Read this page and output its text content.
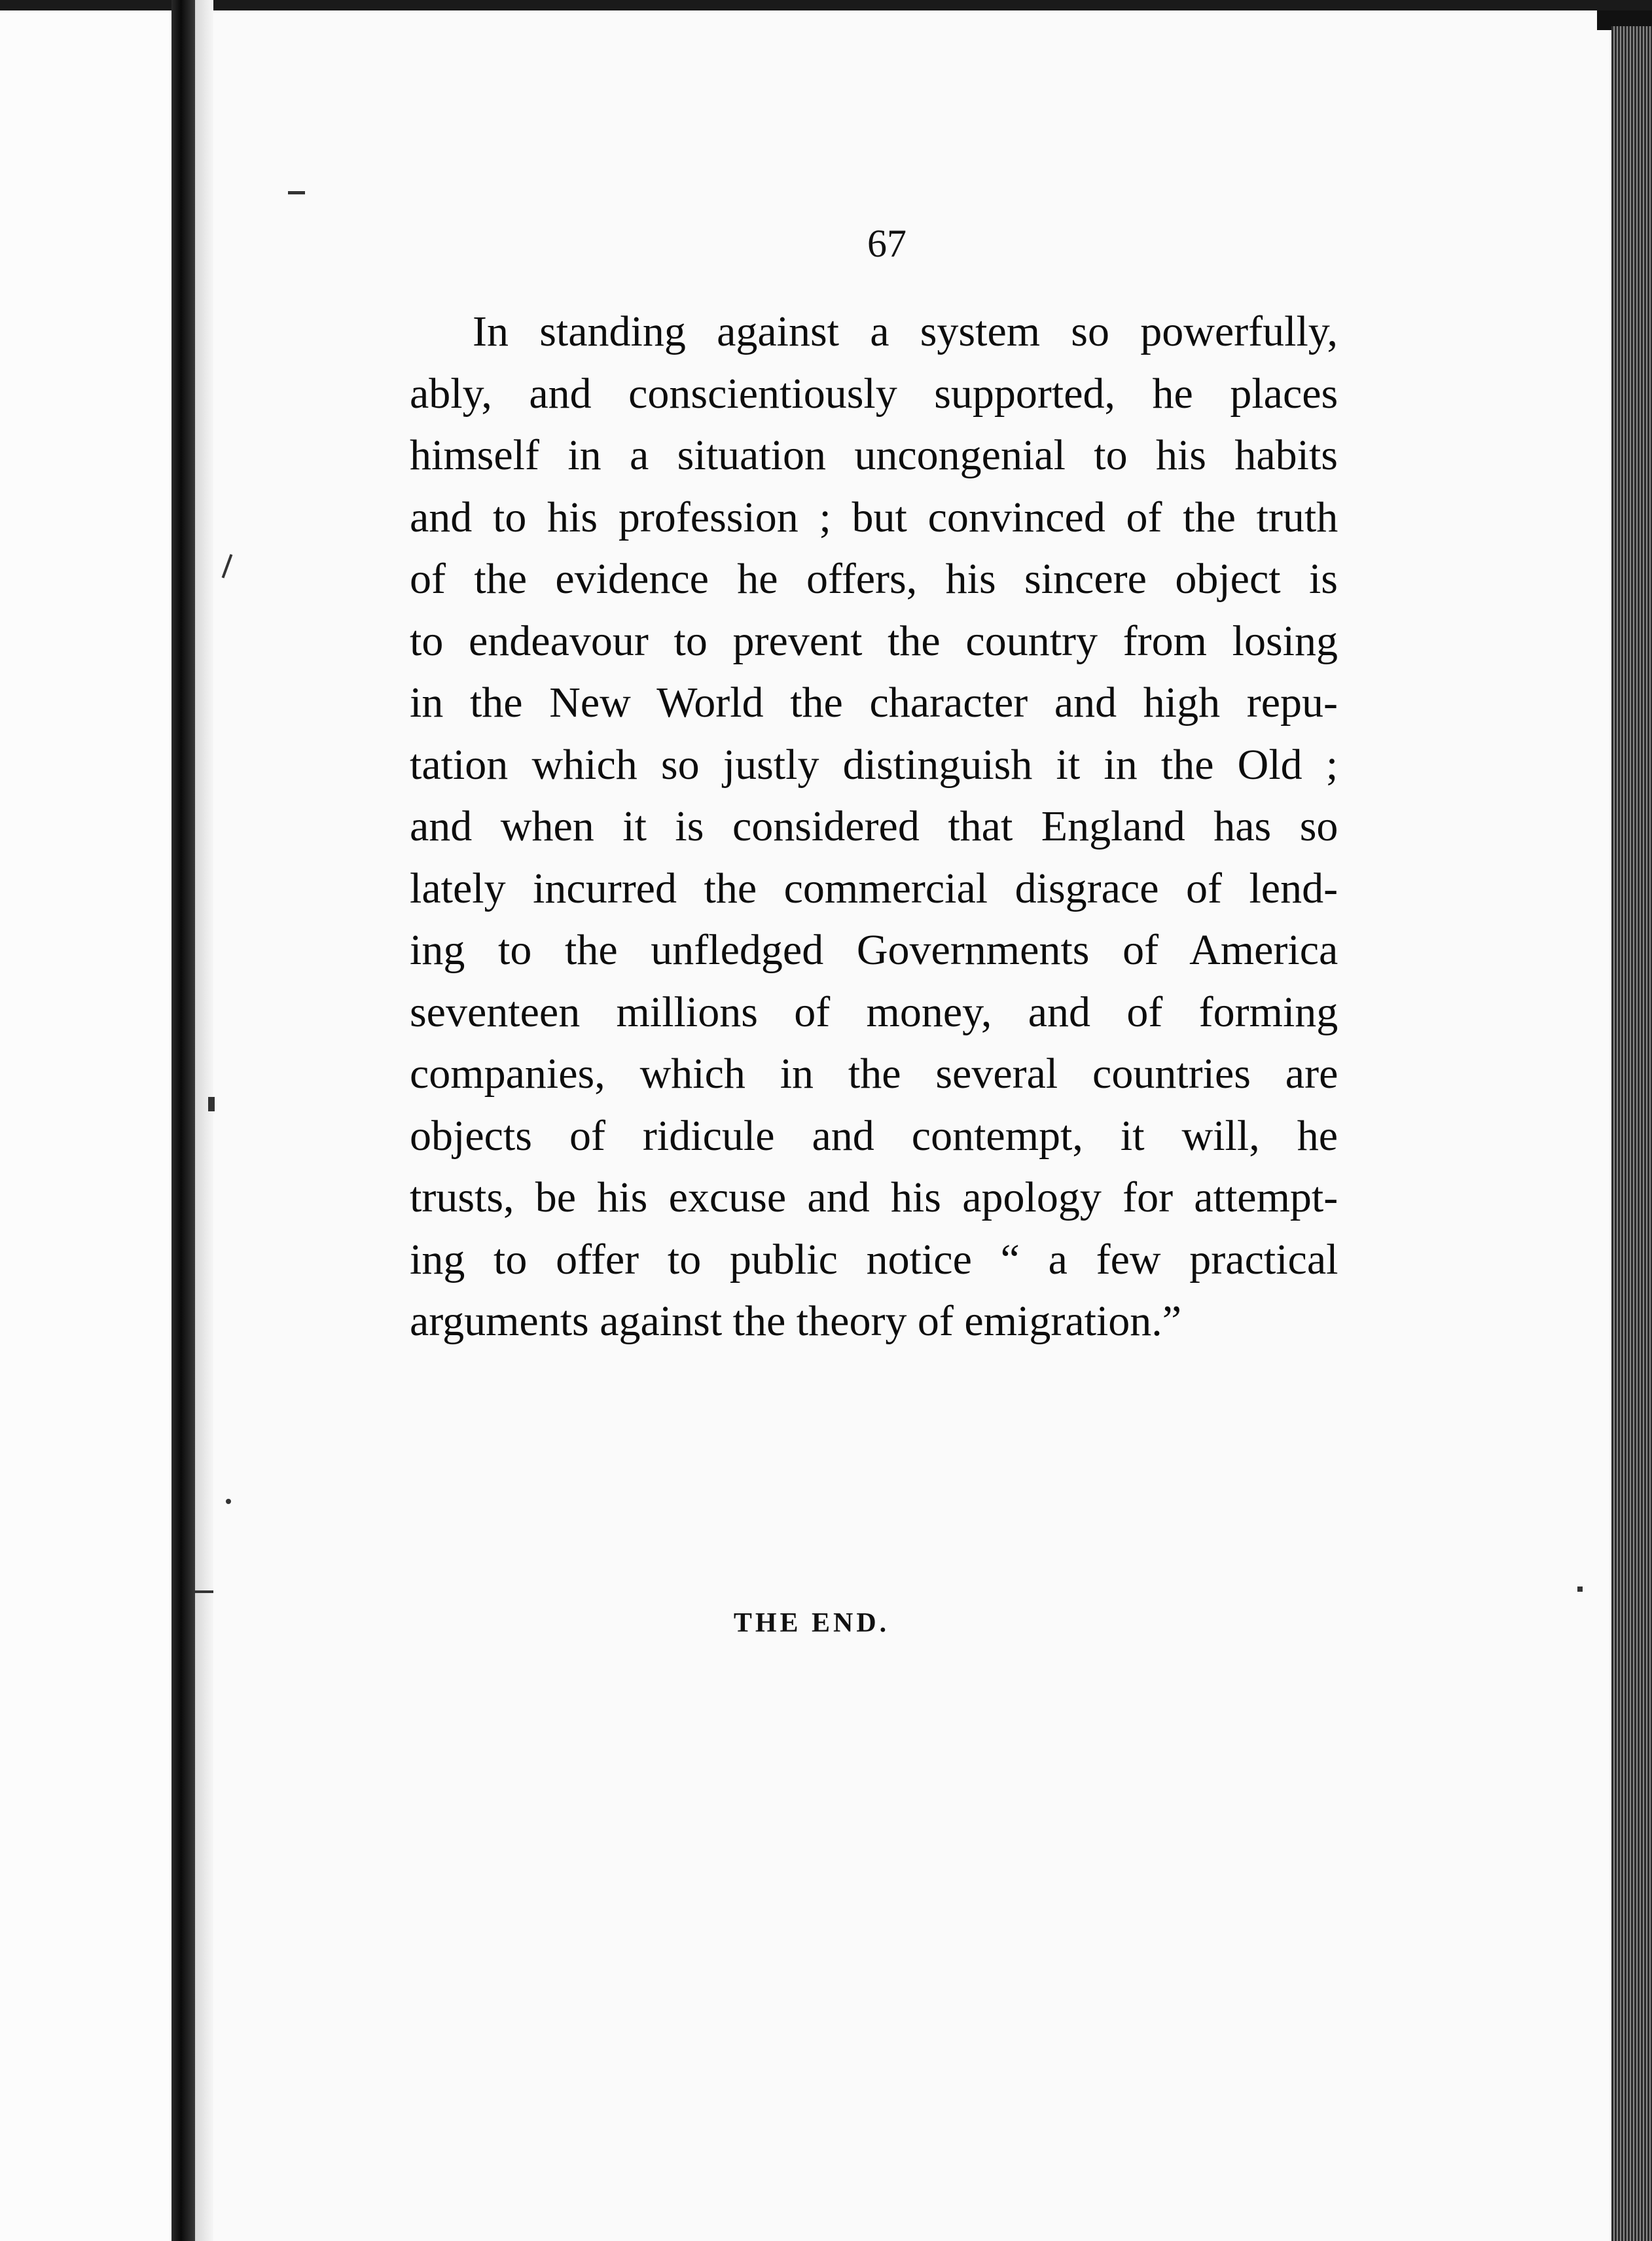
67
In standing against a system so powerfully,
ably, and conscientiously supported, he places
himself in a situation uncongenial to his habits
and to his profession ; but convinced of the truth
of the evidence he offers, his sincere object is
to endeavour to prevent the country from losing
in the New World the character and high repu-
tation which so justly distinguish it in the Old ;
and when it is considered that England has so
lately incurred the commercial disgrace of lend-
ing to the unfledged Governments of America
seventeen millions of money, and of forming
companies, which in the several countries are
objects of ridicule and contempt, it will, he
trusts, be his excuse and his apology for attempt-
ing to offer to public notice “ a few practical
arguments against the theory of emigration.”
THE END.
